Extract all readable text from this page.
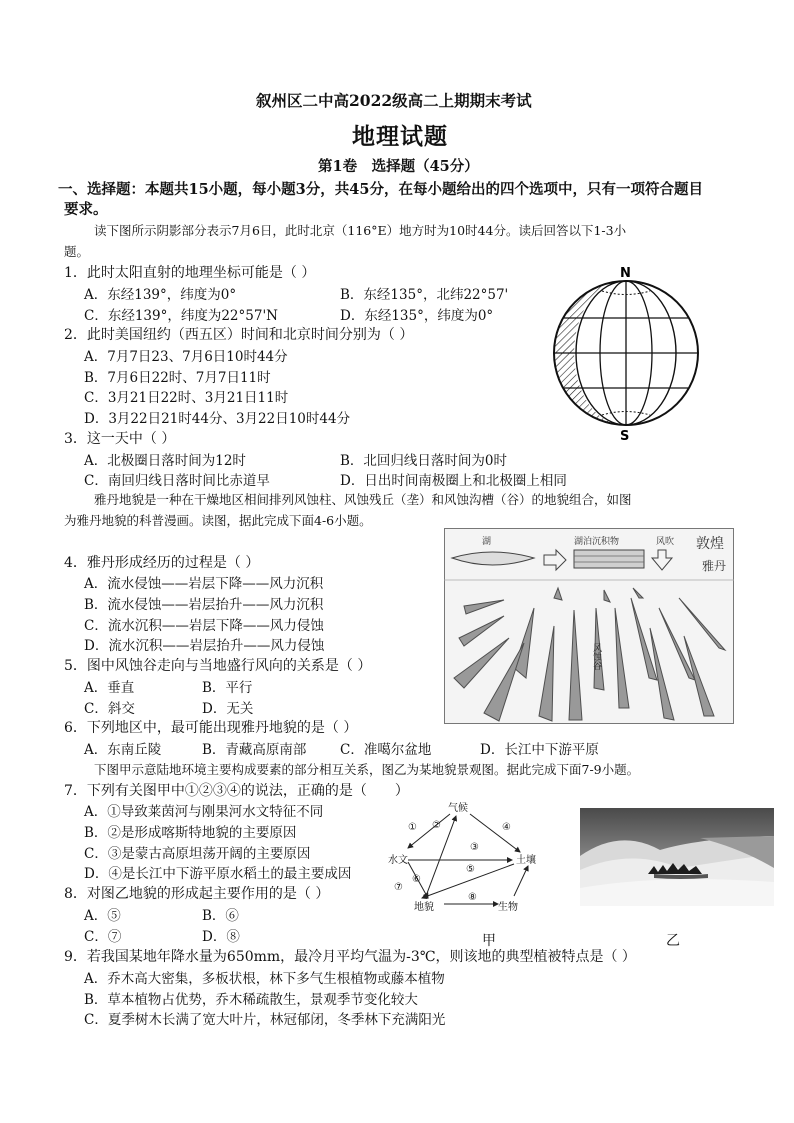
叙州区二中高2022级高二上期期末考试
地理试题
第1卷　选择题（45分）
一、选择题：本题共15小题，每小题3分，共45分，在每小题给出的四个选项中，只有一项符合题目
要求。
读下图所示阴影部分表示7月6日，此时北京（116°E）地方时为10时44分。读后回答以下1-3小
题。
1．此时太阳直射的地理坐标可能是（ ）
A．东经139°，纬度为0°	B．东经135°，北纬22°57'
C．东经139°，纬度为22°57'N	D．东经135°，纬度为0°
2．此时美国纽约（西五区）时间和北京时间分别为（ ）
A．7月7日23、7月6日10时44分
B．7月6日22时、7月7日11时
C．3月21日22时、3月21日11时
D．3月22日21时44分、3月22日10时44分
3．这一天中（ ）
A．北极圈日落时间为12时	B．北回归线日落时间为0时
C．南回归线日落时间比赤道早	D．日出时间南极圈上和北极圈上相同
N
S
雅丹地貌是一种在干燥地区相间排列风蚀柱、风蚀残丘（垄）和风蚀沟槽（谷）的地貌组合，如图
为雅丹地貌的科普漫画。读图，据此完成下面4-6小题。
湖	湖泊沉积物	风吹 敦煌
雅丹
风蚀谷
4．雅丹形成经历的过程是（ ）
A．流水侵蚀——岩层下降——风力沉积
B．流水侵蚀——岩层抬升——风力沉积
C．流水沉积——岩层下降——风力侵蚀
D．流水沉积——岩层抬升——风力侵蚀
5．图中风蚀谷走向与当地盛行风向的关系是（ ）
A．垂直	B．平行
C．斜交	D．无关
6．下列地区中，最可能出现雅丹地貌的是（ ）
A．东南丘陵	B．青藏高原南部 C．准噶尔盆地	D．长江中下游平原
下图甲示意陆地环境主要构成要素的部分相互关系，图乙为某地貌景观图。据此完成下面7-9小题。
7．下列有关图甲中①②③④的说法，正确的是（　　）
A．①导致莱茵河与刚果河水文特征不同
B．②是形成喀斯特地貌的主要原因
C．③是蒙古高原坦荡开阔的主要原因
D．④是长江中下游平原水稻土的最主要成因
8．对图乙地貌的形成起主要作用的是（ ）
A．⑤	B．⑥
C．⑦	D．⑧
气候
水文	土壤
地貌	生物
① ②
③
④
⑤
⑥
⑦
⑧
甲	乙
9．若我国某地年降水量为650mm，最冷月平均气温为-3℃，则该地的典型植被特点是（ ）
A．乔木高大密集，多板状根，林下多气生根植物或藤本植物
B．草本植物占优势，乔木稀疏散生，景观季节变化较大
C．夏季树木长满了宽大叶片，林冠郁闭，冬季林下充满阳光
